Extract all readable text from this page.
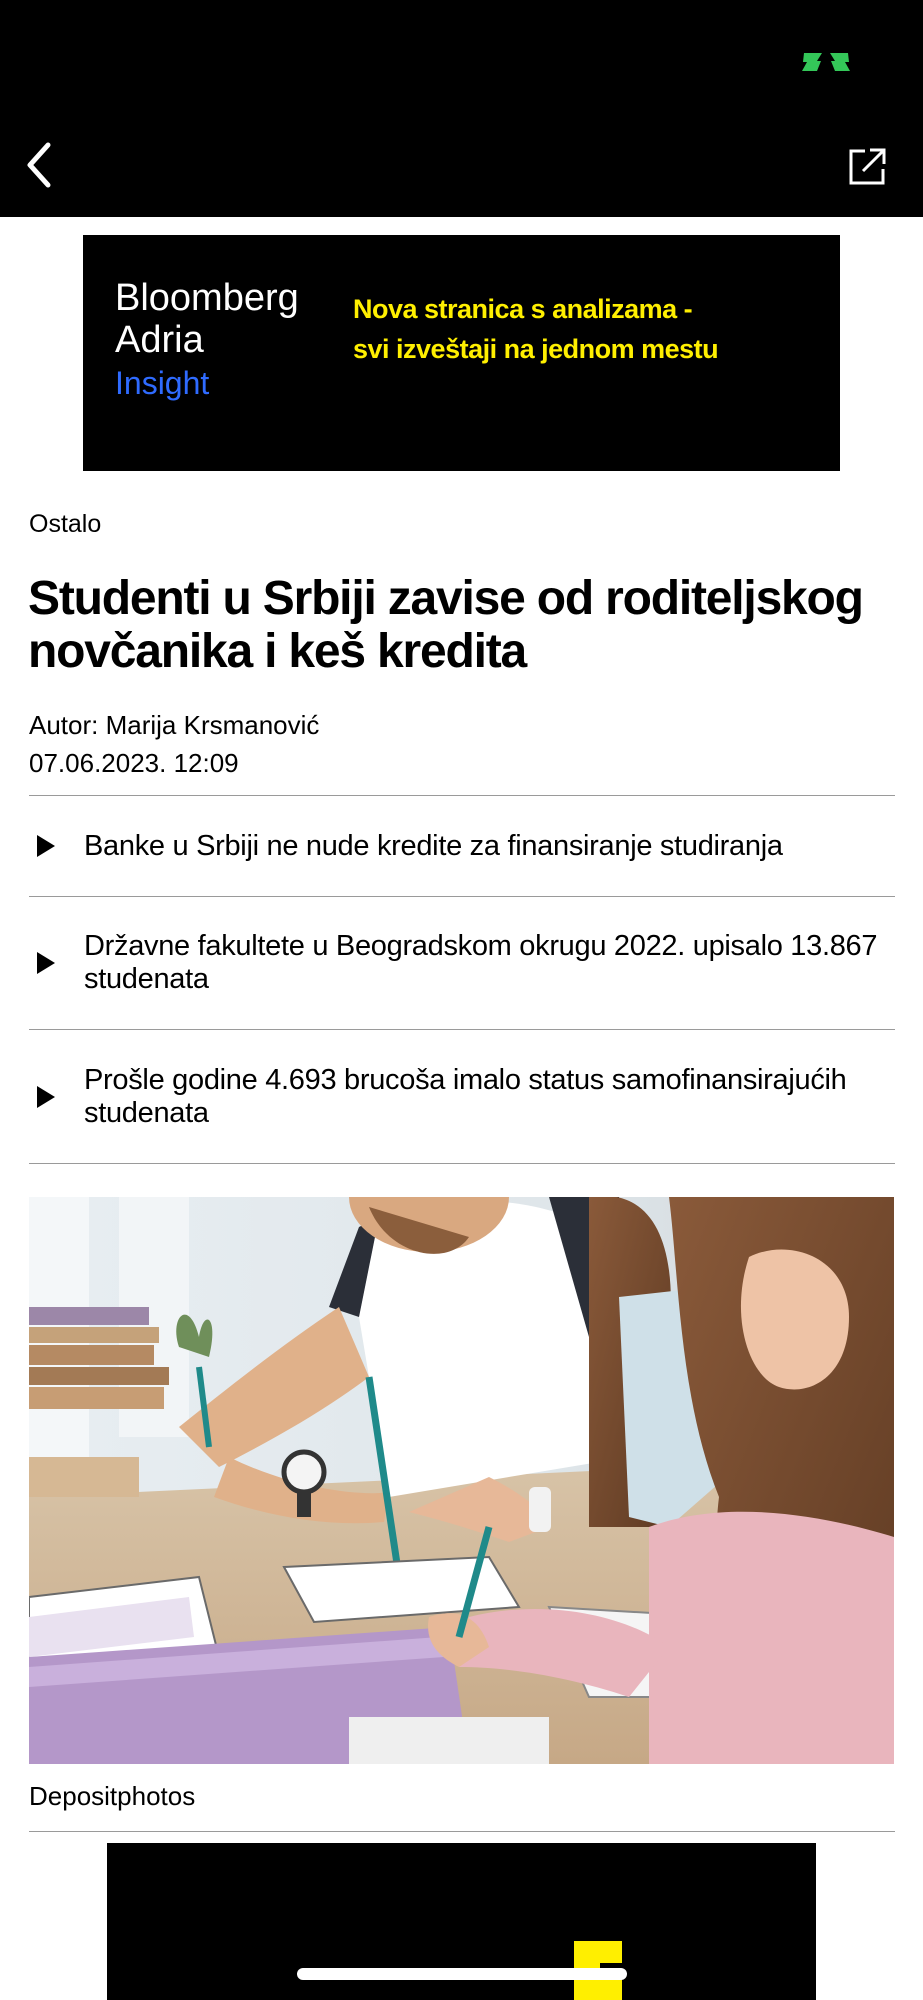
Bloomberg
Adria
Insight
Nova stranica s analizama -
svi izveštaji na jednom mestu
Ostalo
Studenti u Srbiji zavise od roditeljskog novčanika i keš kredita
Autor: Marija Krsmanović
07.06.2023. 12:09
Banke u Srbiji ne nude kredite za finansiranje studiranja
Državne fakultete u Beogradskom okrugu 2022. upisalo 13.867 studenata
Prošle godine 4.693 brucoša imalo status samofinansirajućih studenata
Depositphotos
